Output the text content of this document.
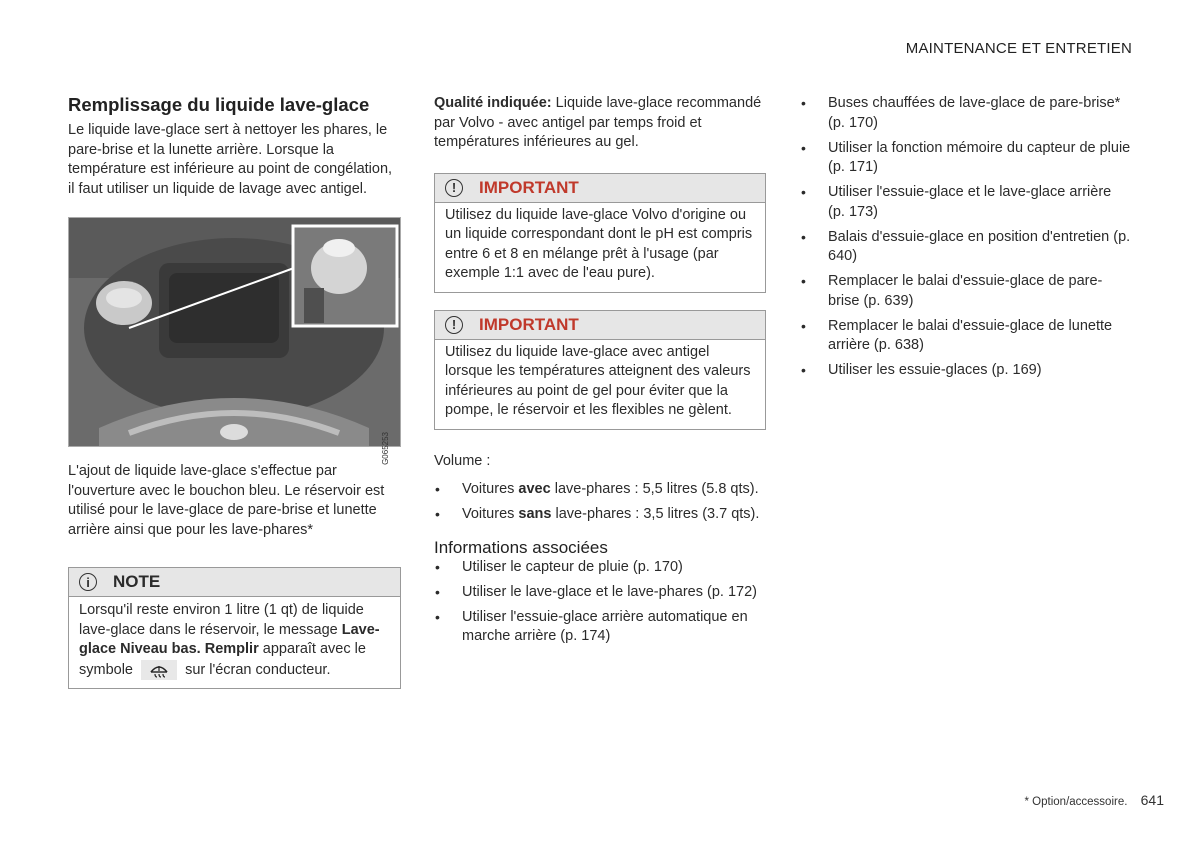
MAINTENANCE ET ENTRETIEN
Remplissage du liquide lave-glace

Le liquide lave-glace sert à nettoyer les phares, le pare-brise et la lunette arrière. Lorsque la température est inférieure au point de congélation, il faut utiliser un liquide de lavage avec antigel.

G065253

L'ajout de liquide lave-glace s'effectue par l'ouverture avec le bouchon bleu. Le réservoir est utilisé pour le lave-glace de pare-brise et lunette arrière ainsi que pour les lave-phares*

i	NOTE

Lorsqu'il reste environ 1 litre (1 qt) de liquide lave-glace dans le réservoir, le message Lave-glace Niveau bas. Remplir apparaît avec le symbole	sur l'écran conducteur.

Qualité indiquée: Liquide lave-glace recommandé par Volvo - avec antigel par temps froid et températures inférieures au gel.

!	IMPORTANT

Utilisez du liquide lave-glace Volvo d'origine ou un liquide correspondant dont le pH est compris entre 6 et 8 en mélange prêt à l'usage (par exemple 1:1 avec de l'eau pure).

!	IMPORTANT

Utilisez du liquide lave-glace avec antigel lorsque les températures atteignent des valeurs inférieures au point de gel pour éviter que la pompe, le réservoir et les flexibles ne gèlent.

Volume :

• Voitures avec lave-phares : 5,5 litres (5.8 qts).
• Voitures sans lave-phares : 3,5 litres (3.7 qts).
Informations associées
• Utiliser le capteur de pluie (p. 170)
• Utiliser le lave-glace et le lave-phares (p. 172)
• Utiliser l'essuie-glace arrière automatique en marche arrière (p. 174)
• Buses chauffées de lave-glace de pare-brise* (p. 170)
• Utiliser la fonction mémoire du capteur de pluie (p. 171)
• Utiliser l'essuie-glace et le lave-glace arrière (p. 173)
• Balais d'essuie-glace en position d'entretien (p. 640)
• Remplacer le balai d'essuie-glace de pare-brise (p. 639)
• Remplacer le balai d'essuie-glace de lunette arrière (p. 638)
• Utiliser les essuie-glaces (p. 169)
* Option/accessoire. 641
